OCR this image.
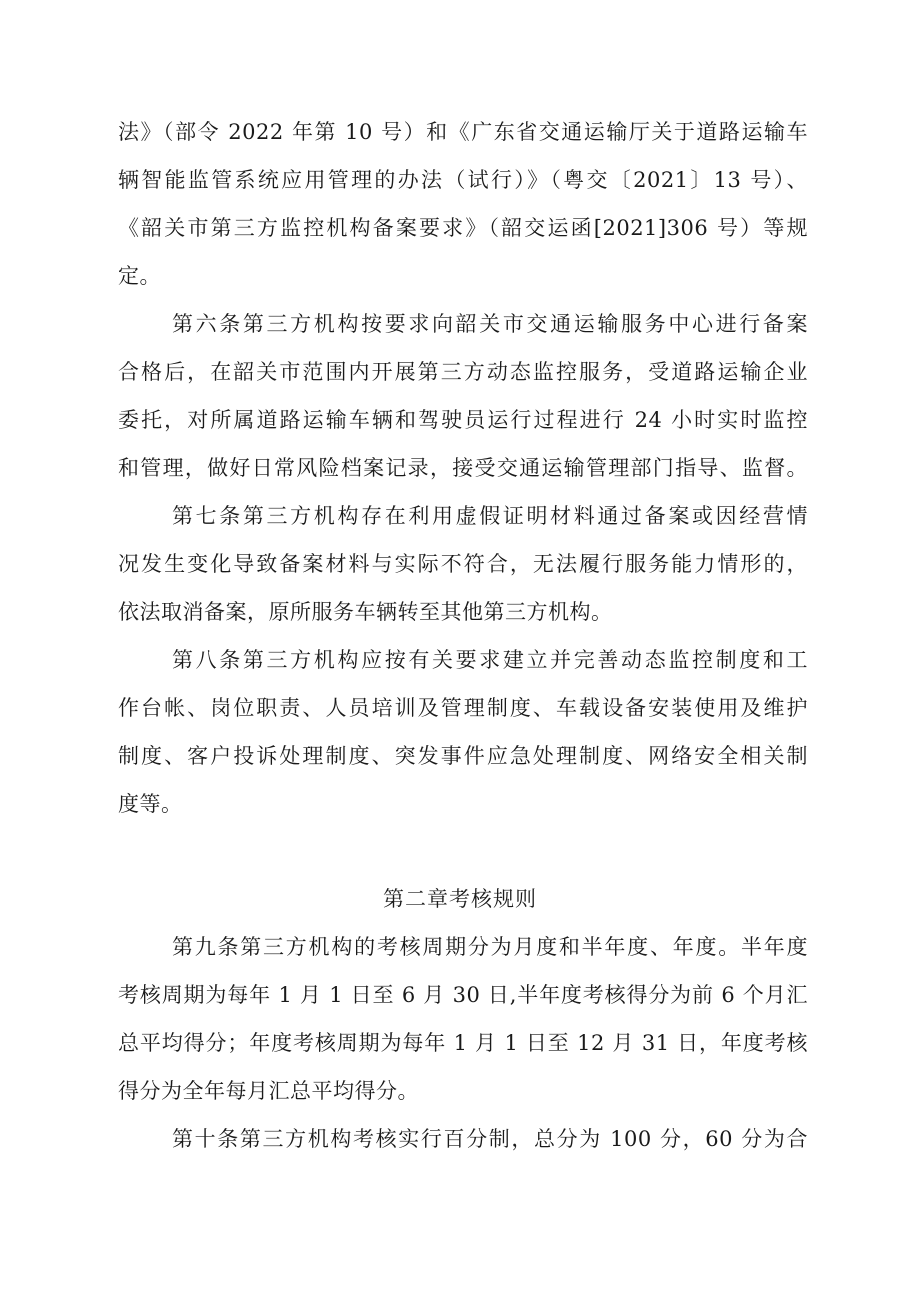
法》（部令 2022 年第 10 号）和《广东省交通运输厅关于道路运输车
辆智能监管系统应用管理的办法（试行）》（粤交〔2021〕13 号）、
《韶关市第三方监控机构备案要求》（韶交运函[2021]306 号）等规
定。
第六条第三方机构按要求向韶关市交通运输服务中心进行备案
合格后，在韶关市范围内开展第三方动态监控服务，受道路运输企业
委托，对所属道路运输车辆和驾驶员运行过程进行 24 小时实时监控
和管理，做好日常风险档案记录，接受交通运输管理部门指导、监督。
第七条第三方机构存在利用虚假证明材料通过备案或因经营情
况发生变化导致备案材料与实际不符合，无法履行服务能力情形的，
依法取消备案，原所服务车辆转至其他第三方机构。
第八条第三方机构应按有关要求建立并完善动态监控制度和工
作台帐、岗位职责、人员培训及管理制度、车载设备安装使用及维护
制度、客户投诉处理制度、突发事件应急处理制度、网络安全相关制
度等。
第二章考核规则
第九条第三方机构的考核周期分为月度和半年度、年度。半年度
考核周期为每年 1 月 1 日至 6 月 30 日,半年度考核得分为前 6 个月汇
总平均得分；年度考核周期为每年 1 月 1 日至 12 月 31 日，年度考核
得分为全年每月汇总平均得分。
第十条第三方机构考核实行百分制，总分为 100 分，60 分为合
